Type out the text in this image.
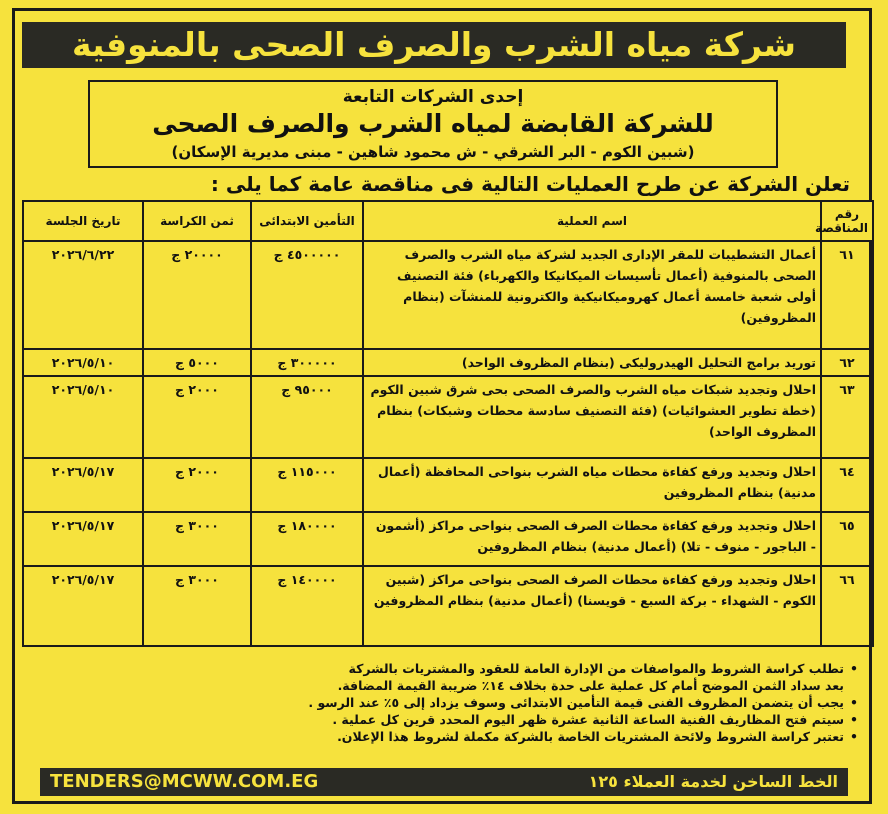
شركة مياه الشرب والصرف الصحى بالمنوفية
إحدى الشركات التابعة
للشركة القابضة لمياه الشرب والصرف الصحى
(شبين الكوم - البر الشرقي - ش محمود شاهين - مبنى مديرية الإسكان)
تعلن الشركة عن طرح العمليات التالية فى مناقصة عامة كما يلى :
رقم المناقصة	اسم العملية	التأمين الابتدائى	ثمن الكراسة	تاريخ الجلسة
٦١	أعمال التشطيبات للمقر الإدارى الجديد لشركة مياه الشرب والصرف الصحى بالمنوفية (أعمال تأسيسات الميكانيكا والكهرباء) فئة التصنيف أولى شعبة خامسة أعمال كهروميكانيكية والكترونية للمنشآت (بنظام المظروفين)	٤٥٠٠٠٠٠ ج	٢٠٠٠٠ ج	٢٠٢٦/٦/٢٢
٦٢	توريد برامج التحليل الهيدروليكى (بنظام المظروف الواحد)	٣٠٠٠٠٠ ج	٥٠٠٠ ج	٢٠٢٦/٥/١٠
٦٣	احلال وتجديد شبكات مياه الشرب والصرف الصحى بحى شرق شبين الكوم (خطة تطوير العشوائيات) (فئة التصنيف سادسة محطات وشبكات) بنظام المظروف الواحد)	٩٥٠٠٠ ج	٢٠٠٠ ج	٢٠٢٦/٥/١٠
٦٤	احلال وتجديد ورفع كفاءة محطات مياه الشرب بنواحى المحافظة (أعمال مدنية) بنظام المظروفين	١١٥٠٠٠ ج	٢٠٠٠ ج	٢٠٢٦/٥/١٧
٦٥	احلال وتجديد ورفع كفاءة محطات الصرف الصحى بنواحى مراكز (أشمون - الباجور - منوف - تلا) (أعمال مدنية) بنظام المظروفين	١٨٠٠٠٠ ج	٣٠٠٠ ج	٢٠٢٦/٥/١٧
٦٦	احلال وتجديد ورفع كفاءة محطات الصرف الصحى بنواحى مراكز (شبين الكوم - الشهداء - بركة السبع - قويسنا) (أعمال مدنية) بنظام المظروفين	١٤٠٠٠٠ ج	٣٠٠٠ ج	٢٠٢٦/٥/١٧
•تطلب كراسة الشروط والمواصفات من الإدارة العامة للعقود والمشتريات بالشركة
بعد سداد الثمن الموضح أمام كل عملية على حدة بخلاف ١٤٪ ضريبة القيمة المضافة.
•يجب أن يتضمن المظروف الفنى قيمة التأمين الابتدائى وسوف يزداد إلى ٥٪ عند الرسو .
•سيتم فتح المظاريف الفنية الساعة الثانية عشرة ظهر اليوم المحدد قرين كل عملية .
•تعتبر كراسة الشروط ولائحة المشتريات الخاصة بالشركة مكملة لشروط هذا الإعلان.
TENDERS@MCWW.COM.EG	الخط الساخن لخدمة العملاء ١٢٥
